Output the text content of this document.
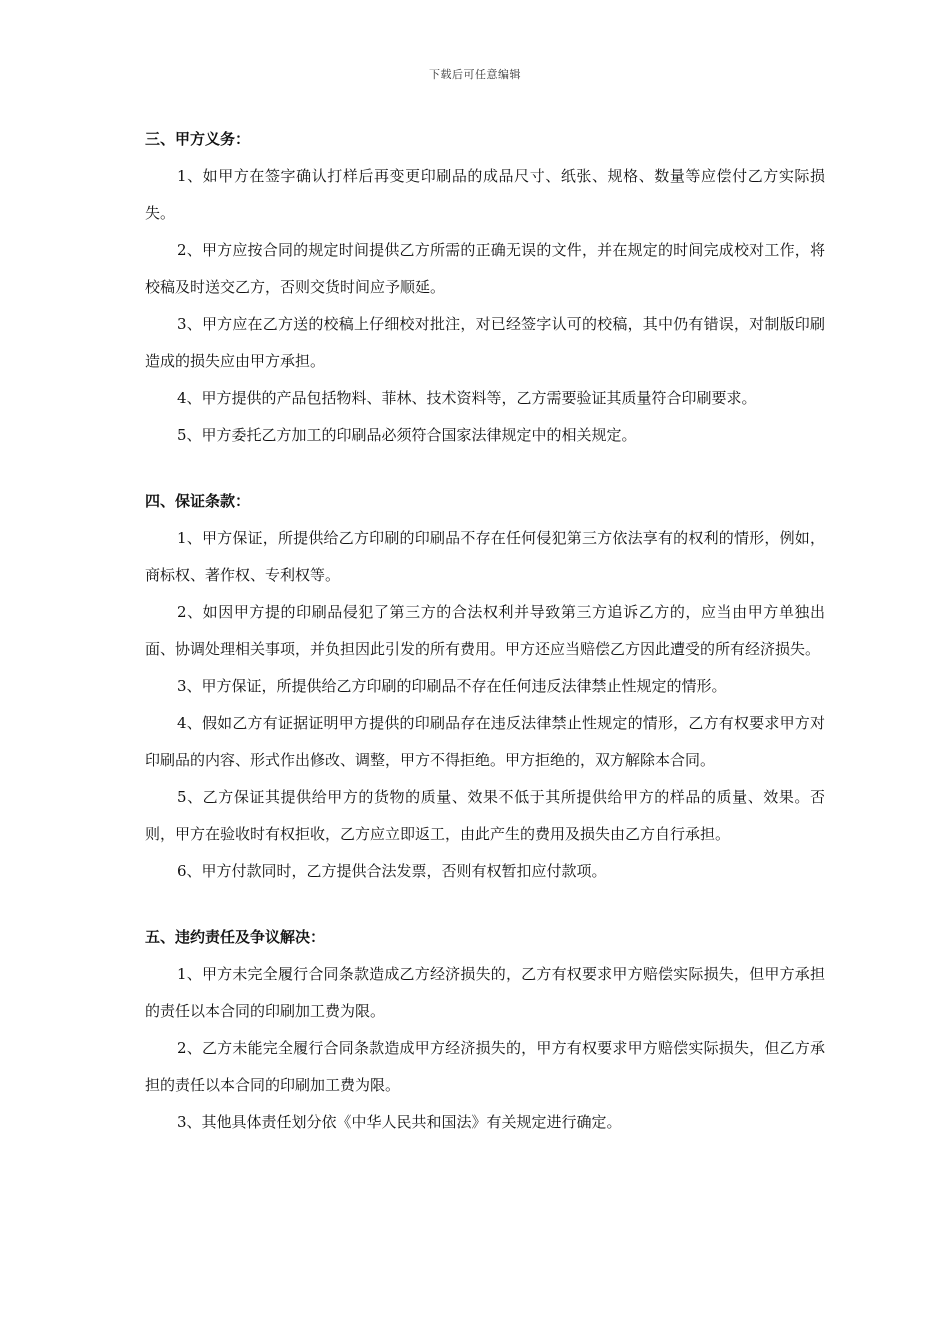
下载后可任意编辑

三、甲方义务：

1、如甲方在签字确认打样后再变更印刷品的成品尺寸、纸张、规格、数量等应偿付乙方实际损失。

2、甲方应按合同的规定时间提供乙方所需的正确无误的文件，并在规定的时间完成校对工作，将校稿及时送交乙方，否则交货时间应予顺延。

3、甲方应在乙方送的校稿上仔细校对批注，对已经签字认可的校稿，其中仍有错误，对制版印刷造成的损失应由甲方承担。

4、甲方提供的产品包括物料、菲林、技术资料等，乙方需要验证其质量符合印刷要求。

5、甲方委托乙方加工的印刷品必须符合国家法律规定中的相关规定。

四、保证条款：

1、甲方保证，所提供给乙方印刷的印刷品不存在任何侵犯第三方依法享有的权利的情形，例如，商标权、著作权、专利权等。

2、如因甲方提的印刷品侵犯了第三方的合法权利并导致第三方追诉乙方的，应当由甲方单独出面、协调处理相关事项，并负担因此引发的所有费用。甲方还应当赔偿乙方因此遭受的所有经济损失。

3、甲方保证，所提供给乙方印刷的印刷品不存在任何违反法律禁止性规定的情形。

4、假如乙方有证据证明甲方提供的印刷品存在违反法律禁止性规定的情形，乙方有权要求甲方对印刷品的内容、形式作出修改、调整，甲方不得拒绝。甲方拒绝的，双方解除本合同。

5、乙方保证其提供给甲方的货物的质量、效果不低于其所提供给甲方的样品的质量、效果。否则，甲方在验收时有权拒收，乙方应立即返工，由此产生的费用及损失由乙方自行承担。

6、甲方付款同时，乙方提供合法发票，否则有权暂扣应付款项。

五、违约责任及争议解决：

1、甲方未完全履行合同条款造成乙方经济损失的，乙方有权要求甲方赔偿实际损失，但甲方承担的责任以本合同的印刷加工费为限。

2、乙方未能完全履行合同条款造成甲方经济损失的，甲方有权要求甲方赔偿实际损失，但乙方承担的责任以本合同的印刷加工费为限。

3、其他具体责任划分依《中华人民共和国法》有关规定进行确定。
